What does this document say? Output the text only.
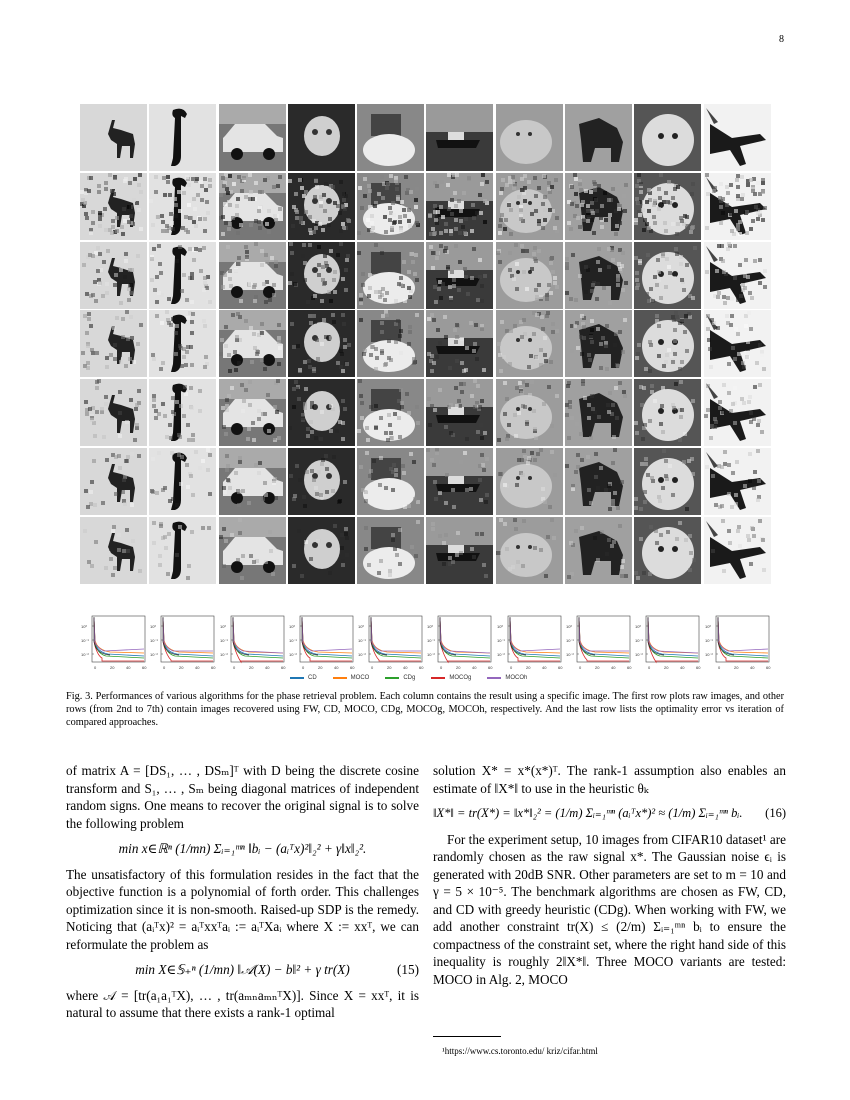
8
10⁰
10⁻¹
10⁻²
0	20	40	60
10⁰
10⁻¹
10⁻²
0	20	40	60
10⁰
10⁻¹
10⁻²
0	20	40	60
10⁰
10⁻¹
10⁻²
0	20	40	60
10⁰
10⁻¹
10⁻²
0	20	40	60
10⁰
10⁻¹
10⁻²
0	20	40	60
10⁰
10⁻¹
10⁻²
0	20	40	60
10⁰
10⁻¹
10⁻²
0	20	40	60
10⁰
10⁻¹
10⁻²
0	20	40	60
10⁰
10⁻¹
10⁻²
0	20	40	60
CD	MOCO	CDg	MOCOg	MOCOh
Fig. 3. Performances of various algorithms for the phase retrieval problem. Each column contains the result using a specific image. The first row plots raw images, and other rows (from 2nd to 7th) contain images recovered using FW, CD, MOCO, CDg, MOCOg, MOCOh, respectively. And the last row lists the optimality error vs iteration of compared approaches.

of matrix A = [DS₁, … , DSₘ]ᵀ with D being the discrete cosine transform and S₁, … , Sₘ being diagonal matrices of independent random signs. One means to recover the original signal is to solve the following problem

min x∈ℝⁿ (1/mn) Σᵢ₌₁ᵐⁿ ‖bᵢ − (aᵢᵀx)²‖₂² + γ‖x‖₂².

The unsatisfactory of this formulation resides in the fact that the objective function is a polynomial of forth order. This challenges optimization since it is non-smooth. Raised-up SDP is the remedy. Noticing that (aᵢᵀx)² = aᵢᵀxxᵀaᵢ := aᵢᵀXaᵢ where X := xxᵀ, we can reformulate the problem as

min X∈𝕊₊ⁿ (1/mn) ‖𝒜(X) − b‖² + γ tr(X)	(15)

where 𝒜 = [tr(a₁a₁ᵀX), … , tr(aₘₙaₘₙᵀX)]. Since X = xxᵀ, it is natural to assume that there exists a rank-1 optimal

solution X* = x*(x*)ᵀ. The rank-1 assumption also enables an estimate of ‖X*‖ to use in the heuristic θₖ

‖X*‖ = tr(X*) = ‖x*‖₂² = (1/m) Σᵢ₌₁ᵐⁿ (aᵢᵀx*)² ≈ (1/m) Σᵢ₌₁ᵐⁿ bᵢ. (16)

For the experiment setup, 10 images from CIFAR10 dataset¹ are randomly chosen as the raw signal x*. The Gaussian noise ϵᵢ is generated with 20dB SNR. Other parameters are set to m = 10 and γ = 5 × 10⁻⁵. The benchmark algorithms are chosen as FW, CD, and CD with greedy heuristic (CDg). When working with FW, we add another constraint tr(X) ≤ (2/m) Σᵢ₌₁ᵐⁿ bᵢ to ensure the compactness of the constraint set, where the right hand side of this inequality is roughly 2‖X*‖. Three MOCO variants are tested: MOCO in Alg. 2, MOCO

¹https://www.cs.toronto.edu/ kriz/cifar.html
